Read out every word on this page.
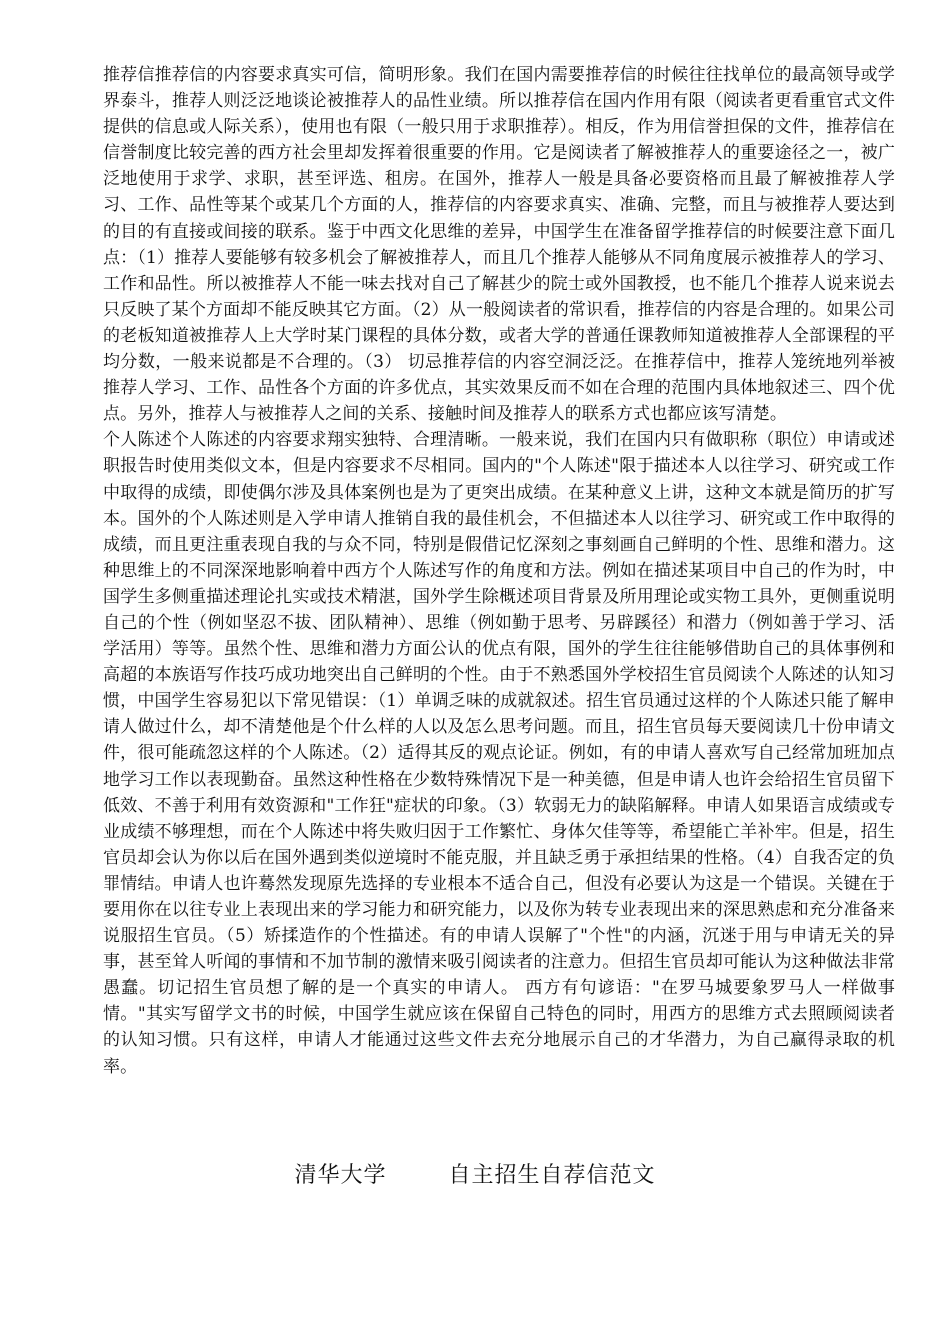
推荐信推荐信的内容要求真实可信，简明形象。我们在国内需要推荐信的时候往往找单位的最高领导或学界泰斗，推荐人则泛泛地谈论被推荐人的品性业绩。所以推荐信在国内作用有限（阅读者更看重官式文件提供的信息或人际关系），使用也有限（一般只用于求职推荐）。相反，作为用信誉担保的文件，推荐信在信誉制度比较完善的西方社会里却发挥着很重要的作用。它是阅读者了解被推荐人的重要途径之一，被广泛地使用于求学、求职，甚至评选、租房。在国外，推荐人一般是具备必要资格而且最了解被推荐人学习、工作、品性等某个或某几个方面的人，推荐信的内容要求真实、准确、完整，而且与被推荐人要达到的目的有直接或间接的联系。鉴于中西文化思维的差异，中国学生在准备留学推荐信的时候要注意下面几点：（1）推荐人要能够有较多机会了解被推荐人，而且几个推荐人能够从不同角度展示被推荐人的学习、工作和品性。所以被推荐人不能一味去找对自己了解甚少的院士或外国教授，也不能几个推荐人说来说去只反映了某个方面却不能反映其它方面。（2）从一般阅读者的常识看，推荐信的内容是合理的。如果公司的老板知道被推荐人上大学时某门课程的具体分数，或者大学的普通任课教师知道被推荐人全部课程的平均分数，一般来说都是不合理的。（3） 切忌推荐信的内容空洞泛泛。在推荐信中，推荐人笼统地列举被推荐人学习、工作、品性各个方面的许多优点，其实效果反而不如在合理的范围内具体地叙述三、四个优点。另外，推荐人与被推荐人之间的关系、接触时间及推荐人的联系方式也都应该写清楚。

个人陈述个人陈述的内容要求翔实独特、合理清晰。一般来说，我们在国内只有做职称（职位）申请或述职报告时使用类似文本，但是内容要求不尽相同。国内的"个人陈述"限于描述本人以往学习、研究或工作中取得的成绩，即使偶尔涉及具体案例也是为了更突出成绩。在某种意义上讲，这种文本就是简历的扩写本。国外的个人陈述则是入学申请人推销自我的最佳机会，不但描述本人以往学习、研究或工作中取得的成绩，而且更注重表现自我的与众不同，特别是假借记忆深刻之事刻画自己鲜明的个性、思维和潜力。这种思维上的不同深深地影响着中西方个人陈述写作的角度和方法。例如在描述某项目中自己的作为时，中国学生多侧重描述理论扎实或技术精湛，国外学生除概述项目背景及所用理论或实物工具外，更侧重说明自己的个性（例如坚忍不拔、团队精神）、思维（例如勤于思考、另辟蹊径）和潜力（例如善于学习、活学活用）等等。虽然个性、思维和潜力方面公认的优点有限，国外的学生往往能够借助自己的具体事例和高超的本族语写作技巧成功地突出自己鲜明的个性。由于不熟悉国外学校招生官员阅读个人陈述的认知习惯，中国学生容易犯以下常见错误：（1）单调乏味的成就叙述。招生官员通过这样的个人陈述只能了解申请人做过什么，却不清楚他是个什么样的人以及怎么思考问题。而且，招生官员每天要阅读几十份申请文件，很可能疏忽这样的个人陈述。（2）适得其反的观点论证。例如，有的申请人喜欢写自己经常加班加点地学习工作以表现勤奋。虽然这种性格在少数特殊情况下是一种美德，但是申请人也许会给招生官员留下低效、不善于利用有效资源和"工作狂"症状的印象。（3）软弱无力的缺陷解释。申请人如果语言成绩或专业成绩不够理想，而在个人陈述中将失败归因于工作繁忙、身体欠佳等等，希望能亡羊补牢。但是，招生官员却会认为你以后在国外遇到类似逆境时不能克服，并且缺乏勇于承担结果的性格。（4）自我否定的负罪情结。申请人也许蓦然发现原先选择的专业根本不适合自己，但没有必要认为这是一个错误。关键在于要用你在以往专业上表现出来的学习能力和研究能力，以及你为转专业表现出来的深思熟虑和充分准备来说服招生官员。（5）矫揉造作的个性描述。有的申请人误解了"个性"的内涵，沉迷于用与申请无关的异事，甚至耸人听闻的事情和不加节制的激情来吸引阅读者的注意力。但招生官员却可能认为这种做法非常愚蠢。切记招生官员想了解的是一个真实的申请人。 西方有句谚语："在罗马城要象罗马人一样做事情。"其实写留学文书的时候，中国学生就应该在保留自己特色的同时，用西方的思维方式去照顾阅读者的认知习惯。只有这样，申请人才能通过这些文件去充分地展示自己的才华潜力，为自己赢得录取的机率。

清华大学	自主招生自荐信范文
